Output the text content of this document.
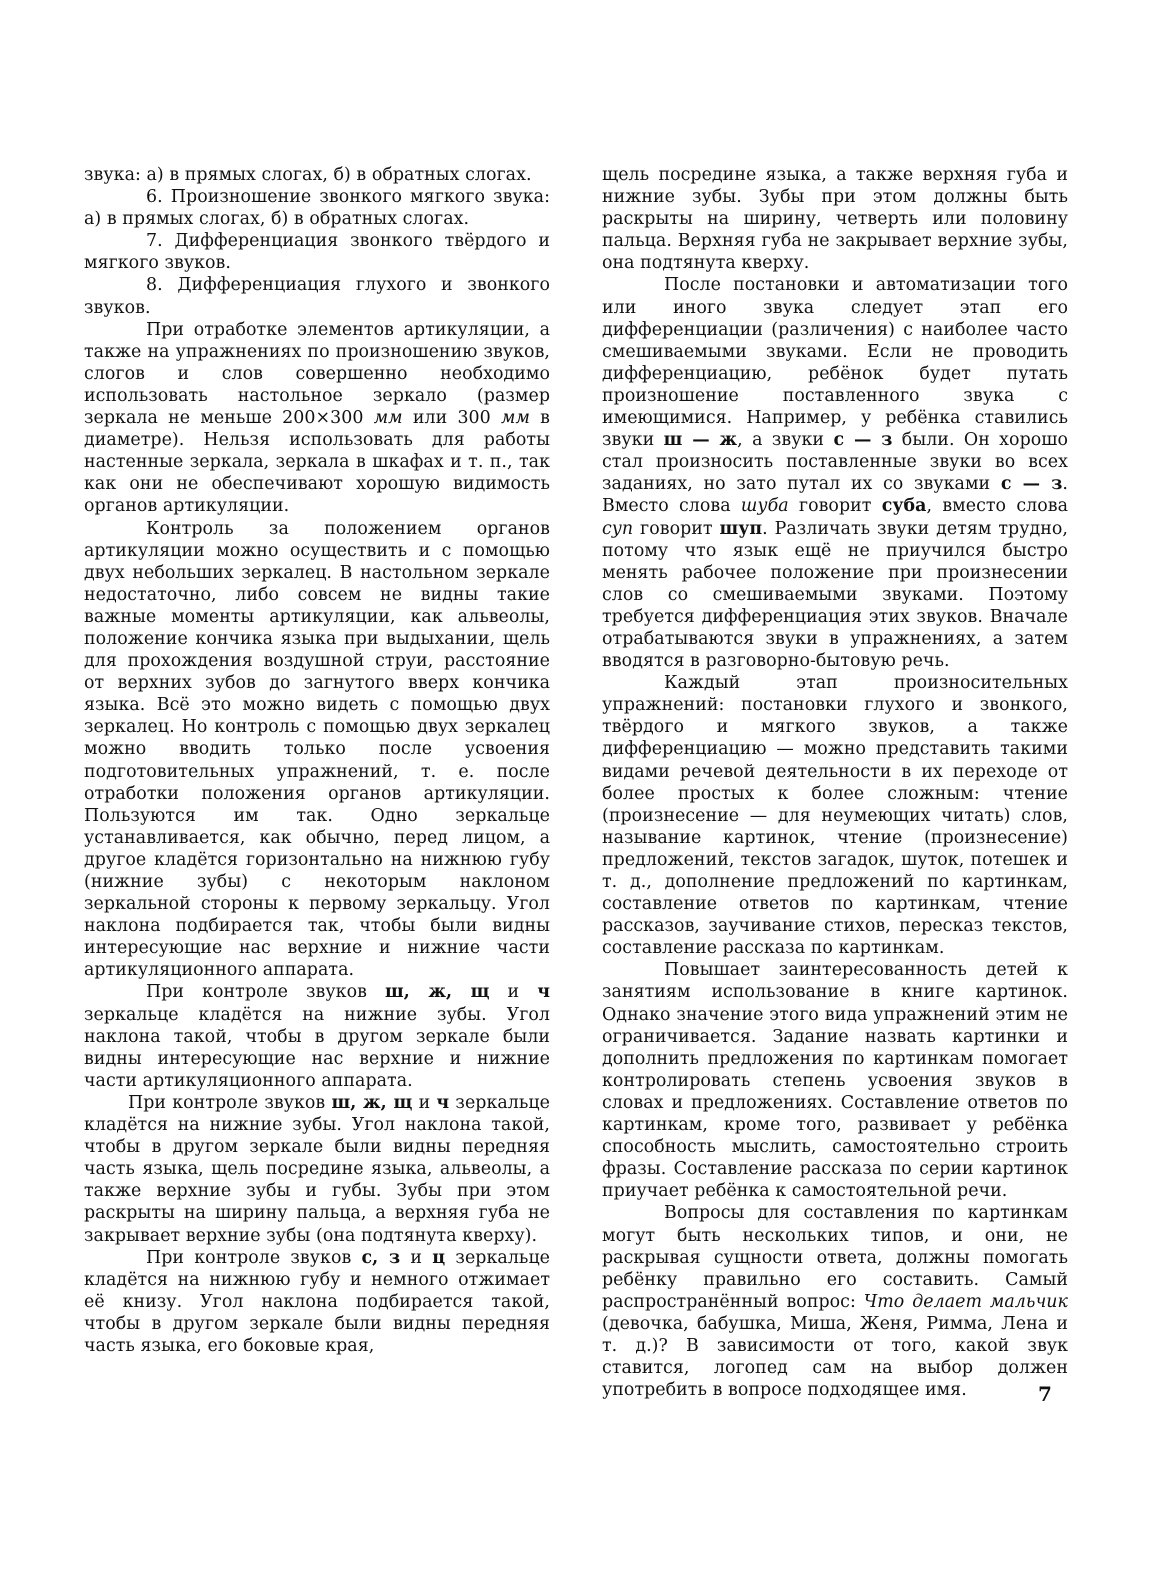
звука: а) в прямых слогах, б) в обратных слогах.

6. Произношение звонкого мягкого звука: а) в прямых слогах, б) в обратных слогах.

7. Дифференциация звонкого твёрдого и мягкого звуков.

8. Дифференциация глухого и звонкого звуков.

При отработке элементов артикуляции, а также на упражнениях по произношению звуков, слогов и слов совершенно необходимо использовать настольное зеркало (размер зеркала не меньше 200×300 мм или 300 мм в диаметре). Нельзя использовать для работы настенные зеркала, зеркала в шкафах и т. п., так как они не обеспечивают хорошую видимость органов артикуляции.

Контроль за положением органов артикуляции можно осуществить и с помощью двух небольших зеркалец. В настольном зеркале недостаточно, либо совсем не видны такие важные моменты артикуляции, как альвеолы, положение кончика языка при выдыхании, щель для прохождения воздушной струи, расстояние от верхних зубов до загнутого вверх кончика языка. Всё это можно видеть с помощью двух зеркалец. Но контроль с помощью двух зеркалец можно вводить только после усвоения подготовительных упражнений, т. е. после отработки положения органов артикуляции. Пользуются им так. Одно зеркальце устанавливается, как обычно, перед лицом, а другое кладётся горизонтально на нижнюю губу (нижние зубы) с некоторым наклоном зеркальной стороны к первому зеркальцу. Угол наклона подбирается так, чтобы были видны интересующие нас верхние и нижние части артикуляционного аппарата.

При контроле звуков ш, ж, щ и ч зеркальце кладётся на нижние зубы. Угол наклона такой, чтобы в другом зеркале были видны интересующие нас верхние и нижние части артикуляционного аппарата.

При контроле звуков ш, ж, щ и ч зеркальце кладётся на нижние зубы. Угол наклона такой, чтобы в другом зеркале были видны передняя часть языка, щель посредине языка, альвеолы, а также верхние зубы и губы. Зубы при этом раскрыты на ширину пальца, а верхняя губа не закрывает верхние зубы (она подтянута кверху).

При контроле звуков с, з и ц зеркальце кладётся на нижнюю губу и немного отжимает её книзу. Угол наклона подбирается такой, чтобы в другом зеркале были видны передняя часть языка, его боковые края,

щель посредине языка, а также верхняя губа и нижние зубы. Зубы при этом должны быть раскрыты на ширину, четверть или половину пальца. Верхняя губа не закрывает верхние зубы, она подтянута кверху.

После постановки и автоматизации того или иного звука следует этап его дифференциации (различения) с наиболее часто смешиваемыми звуками. Если не проводить дифференциацию, ребёнок будет путать произношение поставленного звука с имеющимися. Например, у ребёнка ставились звуки ш — ж, а звуки с — з были. Он хорошо стал произносить поставленные звуки во всех заданиях, но зато путал их со звуками с — з. Вместо слова шуба говорит суба, вместо слова суп говорит шуп. Различать звуки детям трудно, потому что язык ещё не приучился быстро менять рабочее положение при произнесении слов со смешиваемыми звуками. Поэтому требуется дифференциация этих звуков. Вначале отрабатываются звуки в упражнениях, а затем вводятся в разговорно-бытовую речь.

Каждый этап произносительных упражнений: постановки глухого и звонкого, твёрдого и мягкого звуков, а также дифференциацию — можно представить такими видами речевой деятельности в их переходе от более простых к более сложным: чтение (произнесение — для неумеющих читать) слов, называние картинок, чтение (произнесение) предложений, текстов загадок, шуток, потешек и т. д., дополнение предложений по картинкам, составление ответов по картинкам, чтение рассказов, заучивание стихов, пересказ текстов, составление рассказа по картинкам.

Повышает заинтересованность детей к занятиям использование в книге картинок. Однако значение этого вида упражнений этим не ограничивается. Задание назвать картинки и дополнить предложения по картинкам помогает контролировать степень усвоения звуков в словах и предложениях. Составление ответов по картинкам, кроме того, развивает у ребёнка способность мыслить, самостоятельно строить фразы. Составление рассказа по серии картинок приучает ребёнка к самостоятельной речи.

Вопросы для составления по картинкам могут быть нескольких типов, и они, не раскрывая сущности ответа, должны помогать ребёнку правильно его составить. Самый распространённый вопрос: Что делает мальчик (девочка, бабушка, Миша, Женя, Римма, Лена и т. д.)? В зависимости от того, какой звук ставится, логопед сам на выбор должен употребить в вопросе подходящее имя.	7
